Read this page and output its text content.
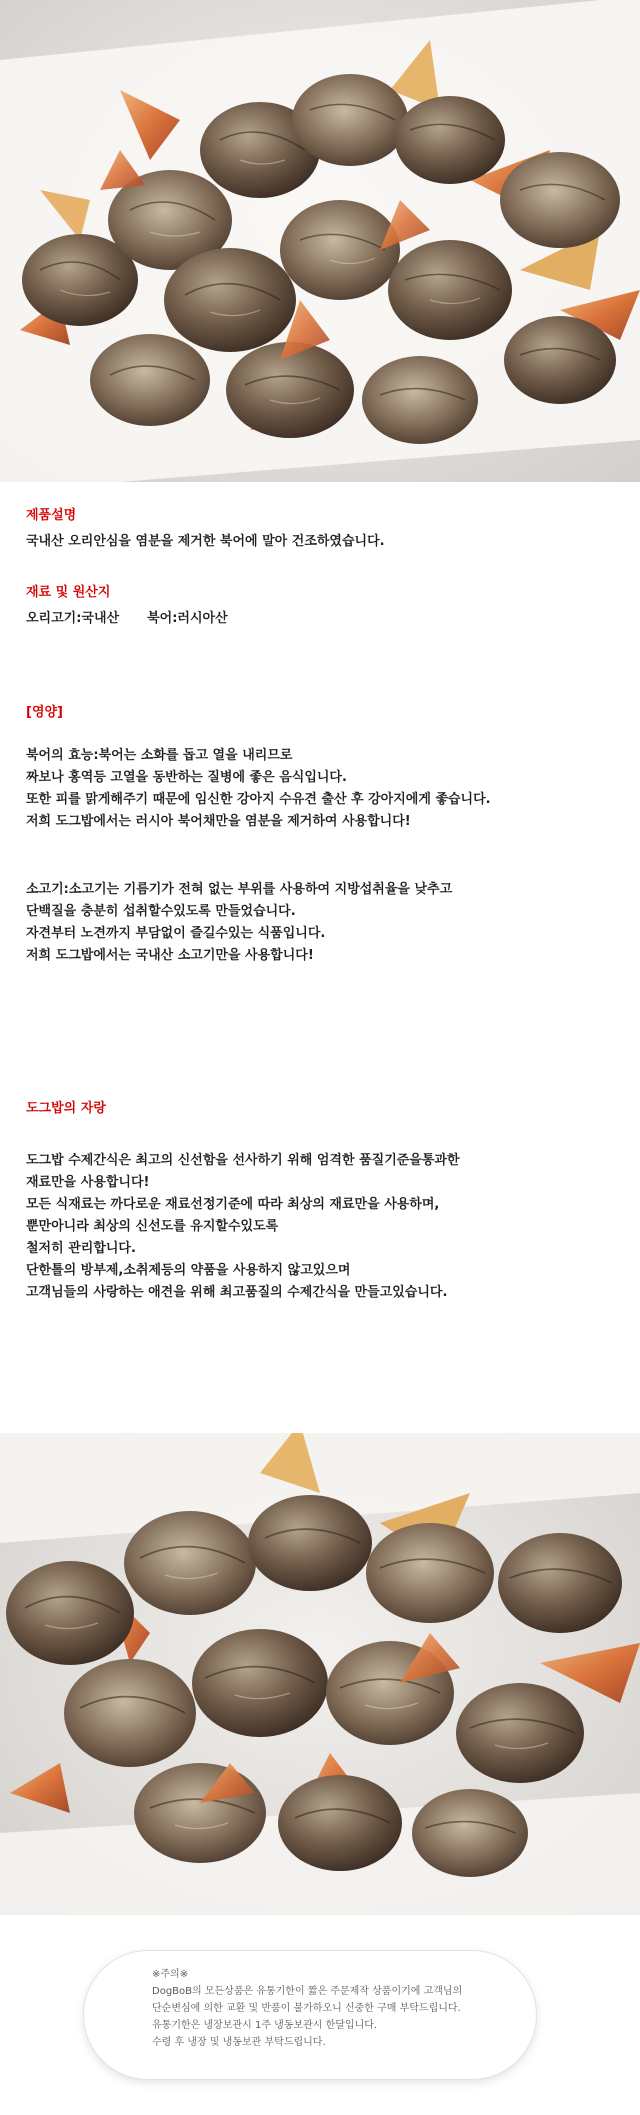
제품설명

국내산 오리안심을 염분을 제거한 북어에 말아 건조하였습니다.

재료 및 원산지

오리고기:국내산 북어:러시아산

[영양]

북어의 효능:북어는 소화를 돕고 열을 내리므로
짜보나 홍역등 고열을 동반하는 질병에 좋은 음식입니다.
또한 피를 맑게해주기 때문에 임신한 강아지 수유견 출산 후 강아지에게 좋습니다.
저희 도그밥에서는 러시아 북어채만을 염분을 제거하여 사용합니다!

소고기:소고기는 기름기가 전혀 없는 부위를 사용하여 지방섭취율을 낮추고
단백질을 충분히 섭취할수있도록 만들었습니다.
자견부터 노견까지 부담없이 즐길수있는 식품입니다.
저희 도그밥에서는 국내산 소고기만을 사용합니다!

도그밥의 자랑

도그밥 수제간식은 최고의 신선함을 선사하기 위해 엄격한 품질기준을통과한
재료만을 사용합니다!
모든 식재료는 까다로운 재료선정기준에 따라 최상의 재료만을 사용하며,
뿐만아니라 최상의 신선도를 유지할수있도록
철저히 관리합니다.
단한톨의 방부제,소취제등의 약품을 사용하지 않고있으며
고객님들의 사랑하는 애견을 위해 최고품질의 수제간식을 만들고있습니다.

※주의※

DogBoB의 모든상품은 유통기한이 짧은 주문제작 상품이기에 고객님의
단순변심에 의한 교환 및 반품이 불가하오니 신중한 구매 부탁드립니다.
유통기한은 냉장보관시 1주 냉동보관시 한달입니다.
수령 후 냉장 및 냉동보관 부탁드립니다.
